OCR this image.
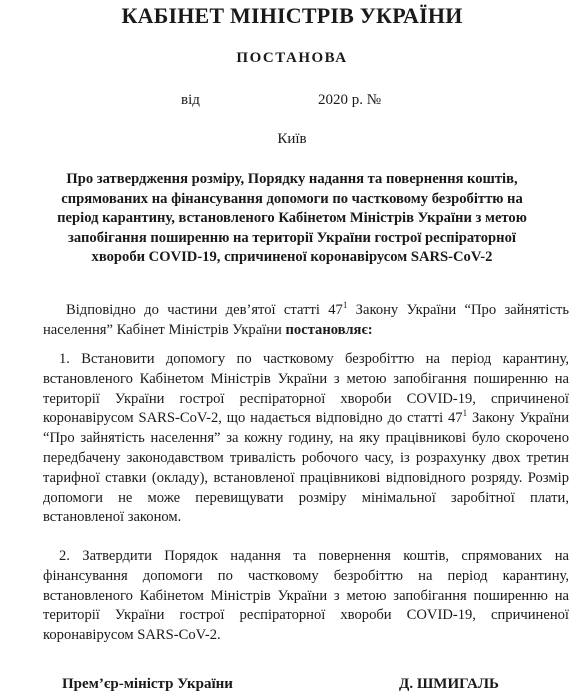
КАБІНЕТ МІНІСТРІВ УКРАЇНИ
ПОСТАНОВА
від	2020 р. №
Київ
Про затвердження розміру, Порядку надання та повернення коштів, спрямованих на фінансування допомоги по частковому безробіттю на період карантину, встановленого Кабінетом Міністрів України з метою запобігання поширенню на території України гострої респіраторної хвороби COVID-19, спричиненої коронавірусом SARS-CoV-2

Відповідно до частини дев’ятої статті $47^1$ Закону України “Про зайнятість населення” Кабінет Міністрів України постановляє:

1. Встановити допомогу по частковому безробіттю на період карантину, встановленого Кабінетом Міністрів України з метою запобігання поширенню на території України гострої респіраторної хвороби COVID-19, спричиненої коронавірусом SARS-CoV-2, що надається відповідно до статті $47^1$ Закону України “Про зайнятість населення” за кожну годину, на яку працівникові було скорочено передбачену законодавством тривалість робочого часу, із розрахунку двох третин тарифної ставки (окладу), встановленої працівникові відповідного розряду. Розмір допомоги не може перевищувати розміру мінімальної заробітної плати, встановленої законом.

2. Затвердити Порядок надання та повернення коштів, спрямованих на фінансування допомоги по частковому безробіттю на період карантину, встановленого Кабінетом Міністрів України з метою запобігання поширенню на території України гострої респіраторної хвороби COVID-19, спричиненої коронавірусом SARS-CoV-2.

Прем’єр-міністр України	Д. ШМИГАЛЬ
